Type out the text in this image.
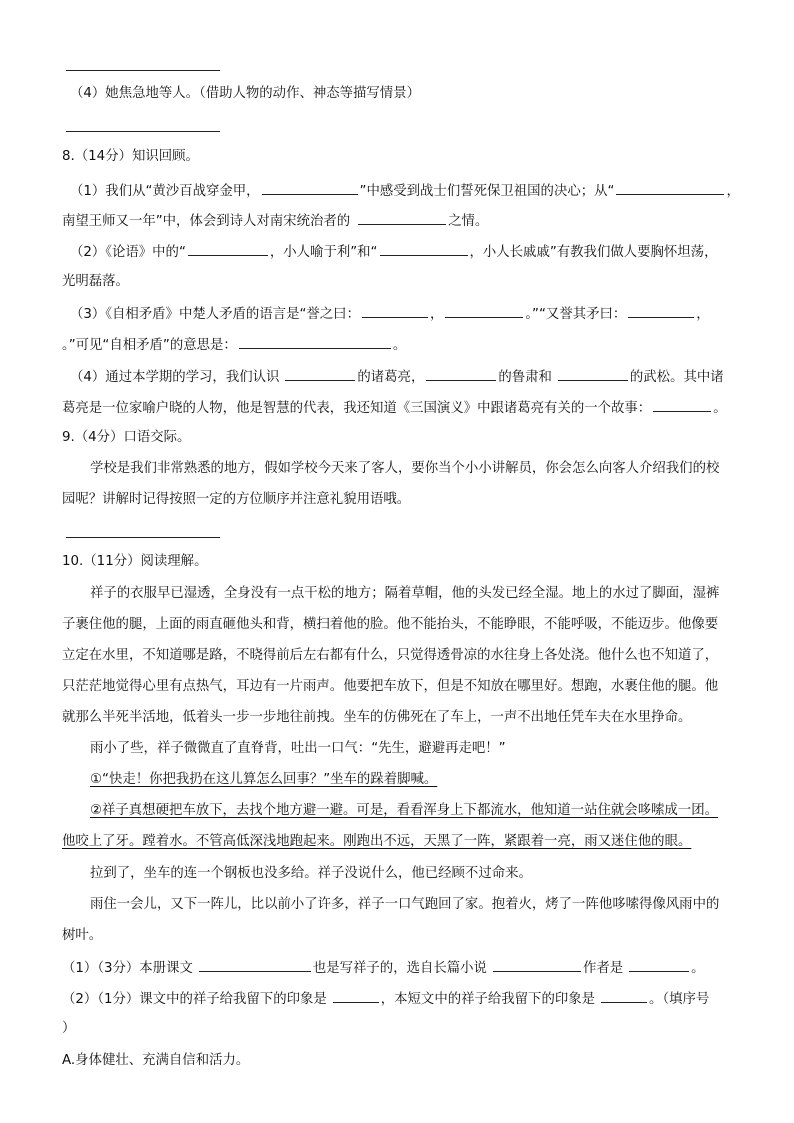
（4）她焦急地等人。（借助人物的动作、神态等描写情景）
8.（14分）知识回顾。
（1）我们从“黄沙百战穿金甲，	”中感受到战士们誓死保卫祖国的决心；从“	，
南望王师又一年”中，体会到诗人对南宋统治者的	之情。
（2）《论语》中的“	，小人喻于利”和“	，小人长戚戚”有教我们做人要胸怀坦荡，
光明磊落。
（3）《自相矛盾》中楚人矛盾的语言是“誉之曰：	，	。”“又誉其矛曰：	，
。”可见“自相矛盾”的意思是：	。
（4）通过本学期的学习，我们认识	的诸葛亮，	的鲁肃和	的武松。其中诸
葛亮是一位家喻户晓的人物，他是智慧的代表，我还知道《三国演义》中跟诸葛亮有关的一个故事：	。
9.（4分）口语交际。
学校是我们非常熟悉的地方，假如学校今天来了客人，要你当个小小讲解员，你会怎么向客人介绍我们的校
园呢？讲解时记得按照一定的方位顺序并注意礼貌用语哦。
10.（11分）阅读理解。
祥子的衣服早已湿透，全身没有一点干松的地方；隔着草帽，他的头发已经全湿。地上的水过了脚面，湿裤
子裹住他的腿，上面的雨直砸他头和背，横扫着他的脸。他不能抬头，不能睁眼，不能呼吸，不能迈步。他像要
立定在水里，不知道哪是路，不晓得前后左右都有什么，只觉得透骨凉的水往身上各处浇。他什么也不知道了，
只茫茫地觉得心里有点热气，耳边有一片雨声。他要把车放下，但是不知放在哪里好。想跑，水裹住他的腿。他
就那么半死半活地，低着头一步一步地往前拽。坐车的仿佛死在了车上，一声不出地任凭车夫在水里挣命。
雨小了些，祥子微微直了直脊背，吐出一口气：“先生，避避再走吧！”
①“快走！你把我扔在这儿算怎么回事？”坐车的跺着脚喊。
②祥子真想硬把车放下，去找个地方避一避。可是，看看浑身上下都流水，他知道一站住就会哆嗦成一团。
他咬上了牙。蹚着水。不管高低深浅地跑起来。刚跑出不远，天黑了一阵，紧跟着一亮，雨又迷住他的眼。
拉到了，坐车的连一个钢板也没多给。祥子没说什么，他已经顾不过命来。
雨住一会儿，又下一阵儿，比以前小了许多，祥子一口气跑回了家。抱着火，烤了一阵他哆嗦得像风雨中的
树叶。
（1）（3分）本册课文	也是写祥子的，选自长篇小说	作者是	。
（2）（1分）课文中的祥子给我留下的印象是	，本短文中的祥子给我留下的印象是	。（填序号
）
A.身体健壮、充满自信和活力。
